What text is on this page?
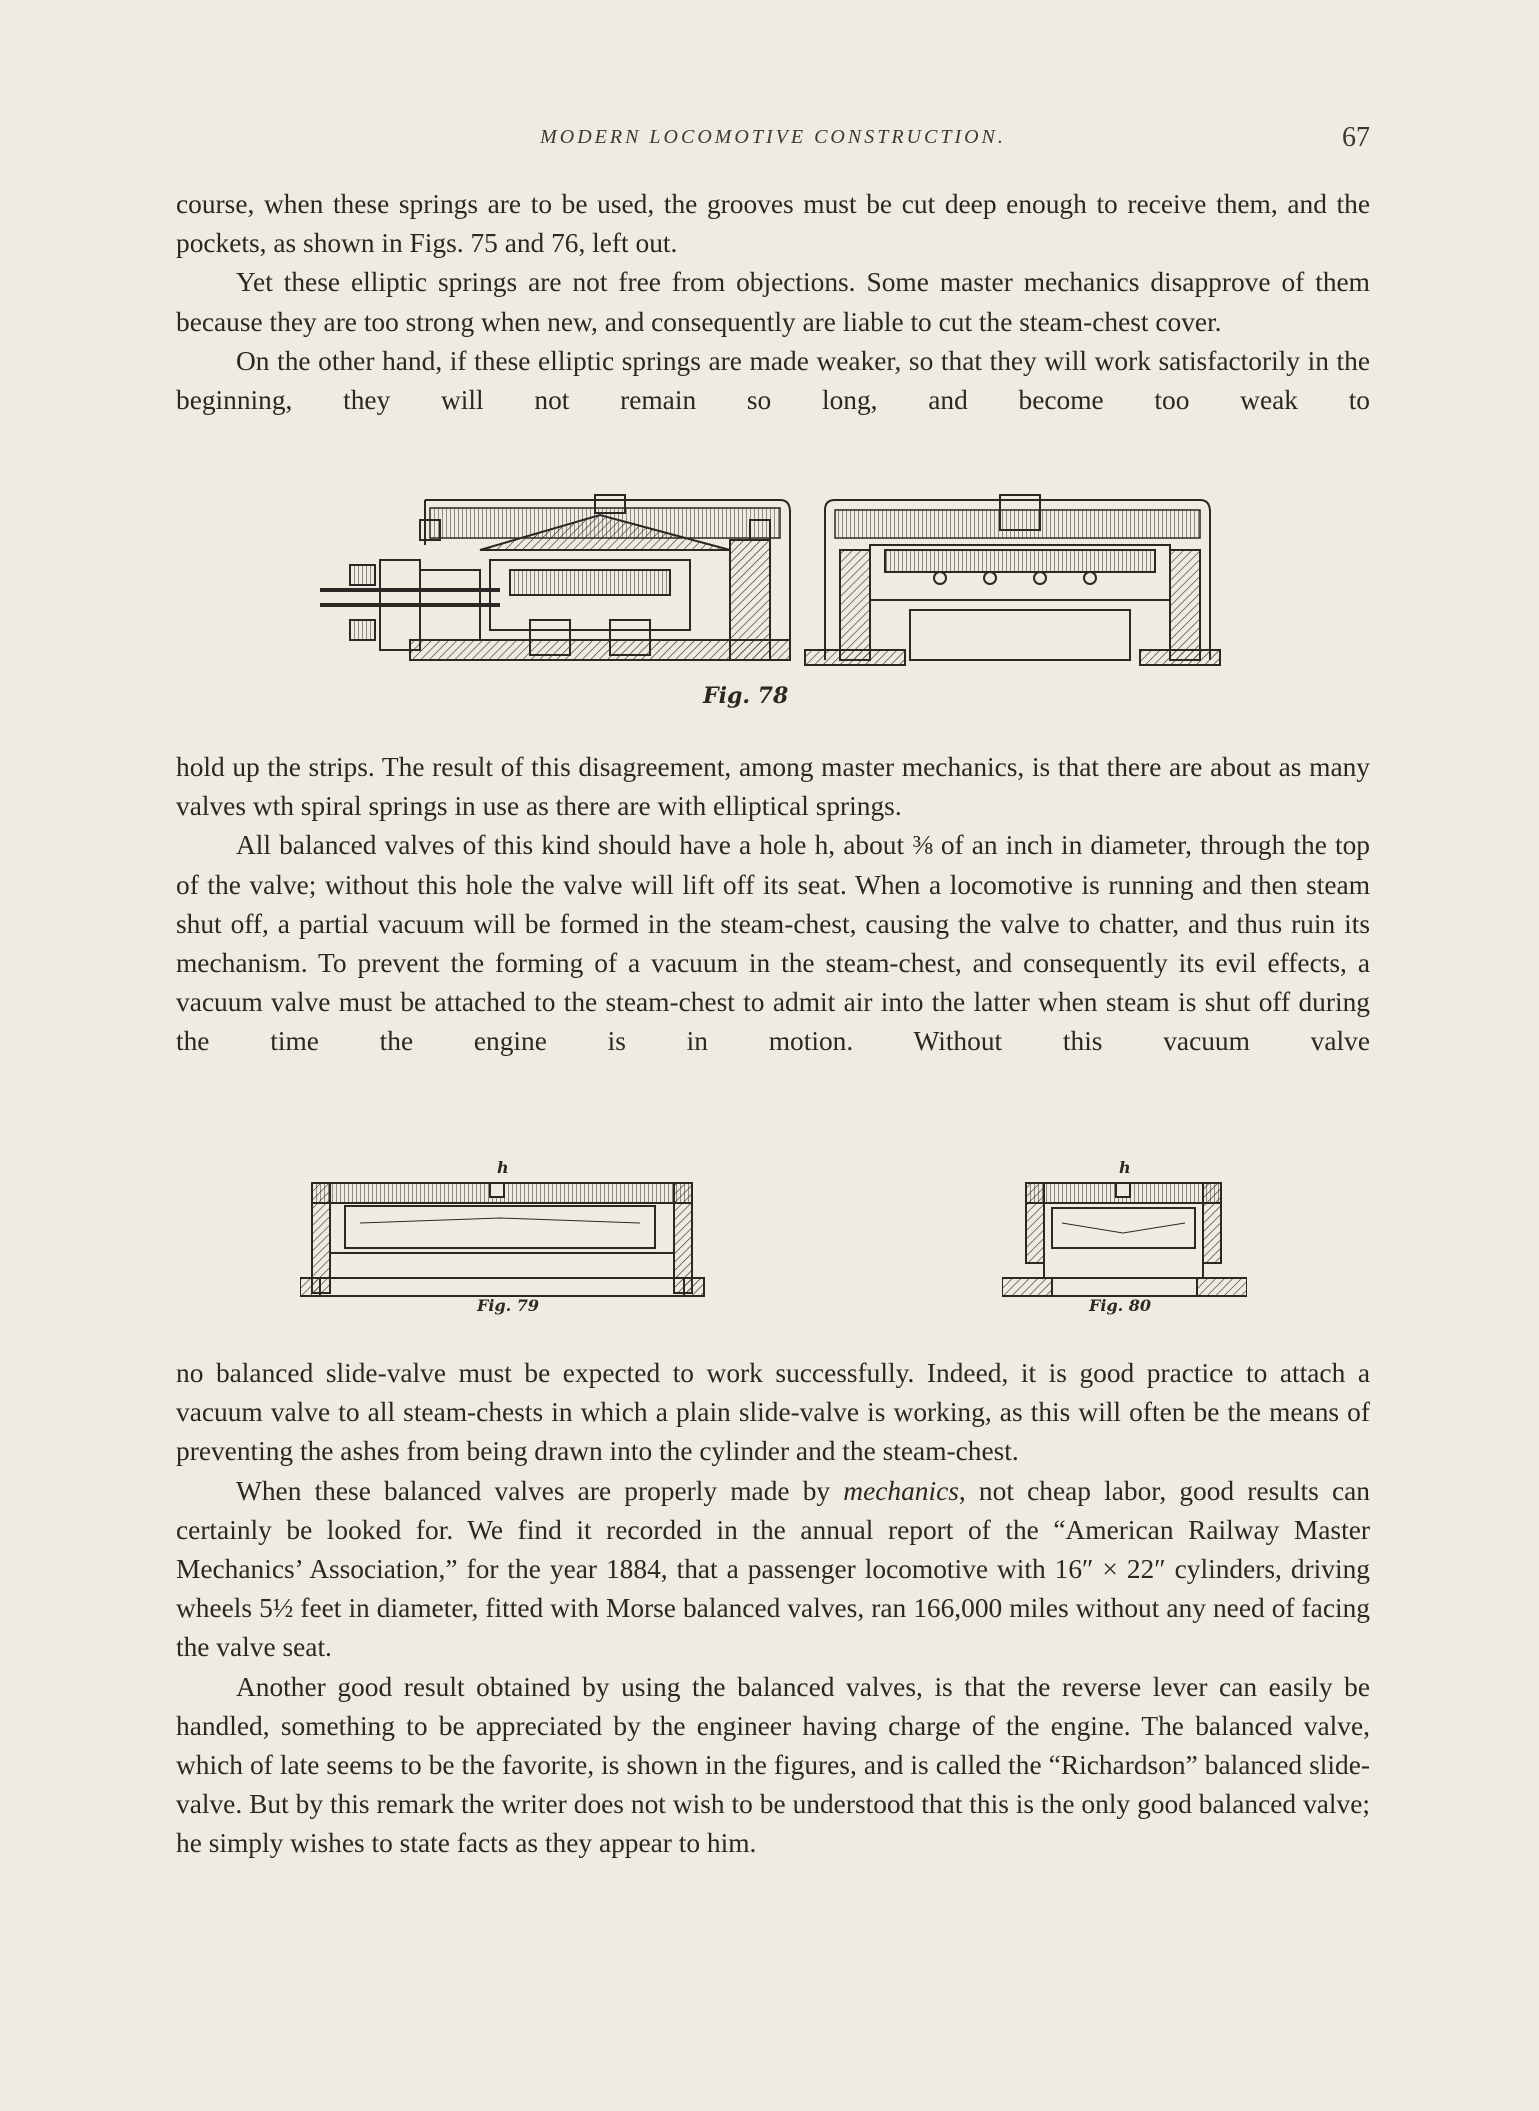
MODERN LOCOMOTIVE CONSTRUCTION.	67

course, when these springs are to be used, the grooves must be cut deep enough to receive them, and the pockets, as shown in Figs. 75 and 76, left out.

Yet these elliptic springs are not free from objections. Some master mechanics disapprove of them because they are too strong when new, and consequently are liable to cut the steam-chest cover.

On the other hand, if these elliptic springs are made weaker, so that they will work satisfactorily in the beginning, they will not remain so long, and become too weak to

Fig. 78

hold up the strips. The result of this disagreement, among master mechanics, is that there are about as many valves wth spiral springs in use as there are with elliptical springs.

All balanced valves of this kind should have a hole h, about ⅜ of an inch in diameter, through the top of the valve; without this hole the valve will lift off its seat. When a locomotive is running and then steam shut off, a partial vacuum will be formed in the steam-chest, causing the valve to chatter, and thus ruin its mechanism. To prevent the forming of a vacuum in the steam-chest, and consequently its evil effects, a vacuum valve must be attached to the steam-chest to admit air into the latter when steam is shut off during the time the engine is in motion. Without this vacuum valve

h
Fig. 79
h
Fig. 80

no balanced slide-valve must be expected to work successfully. Indeed, it is good practice to attach a vacuum valve to all steam-chests in which a plain slide-valve is working, as this will often be the means of preventing the ashes from being drawn into the cylinder and the steam-chest.

When these balanced valves are properly made by mechanics, not cheap labor, good results can certainly be looked for. We find it recorded in the annual report of the “American Railway Master Mechanics’ Association,” for the year 1884, that a passenger locomotive with 16″ × 22″ cylinders, driving wheels 5½ feet in diameter, fitted with Morse balanced valves, ran 166,000 miles without any need of facing the valve seat.

Another good result obtained by using the balanced valves, is that the reverse lever can easily be handled, something to be appreciated by the engineer having charge of the engine. The balanced valve, which of late seems to be the favorite, is shown in the figures, and is called the “Richardson” balanced slide-valve. But by this remark the writer does not wish to be understood that this is the only good balanced valve; he simply wishes to state facts as they appear to him.
